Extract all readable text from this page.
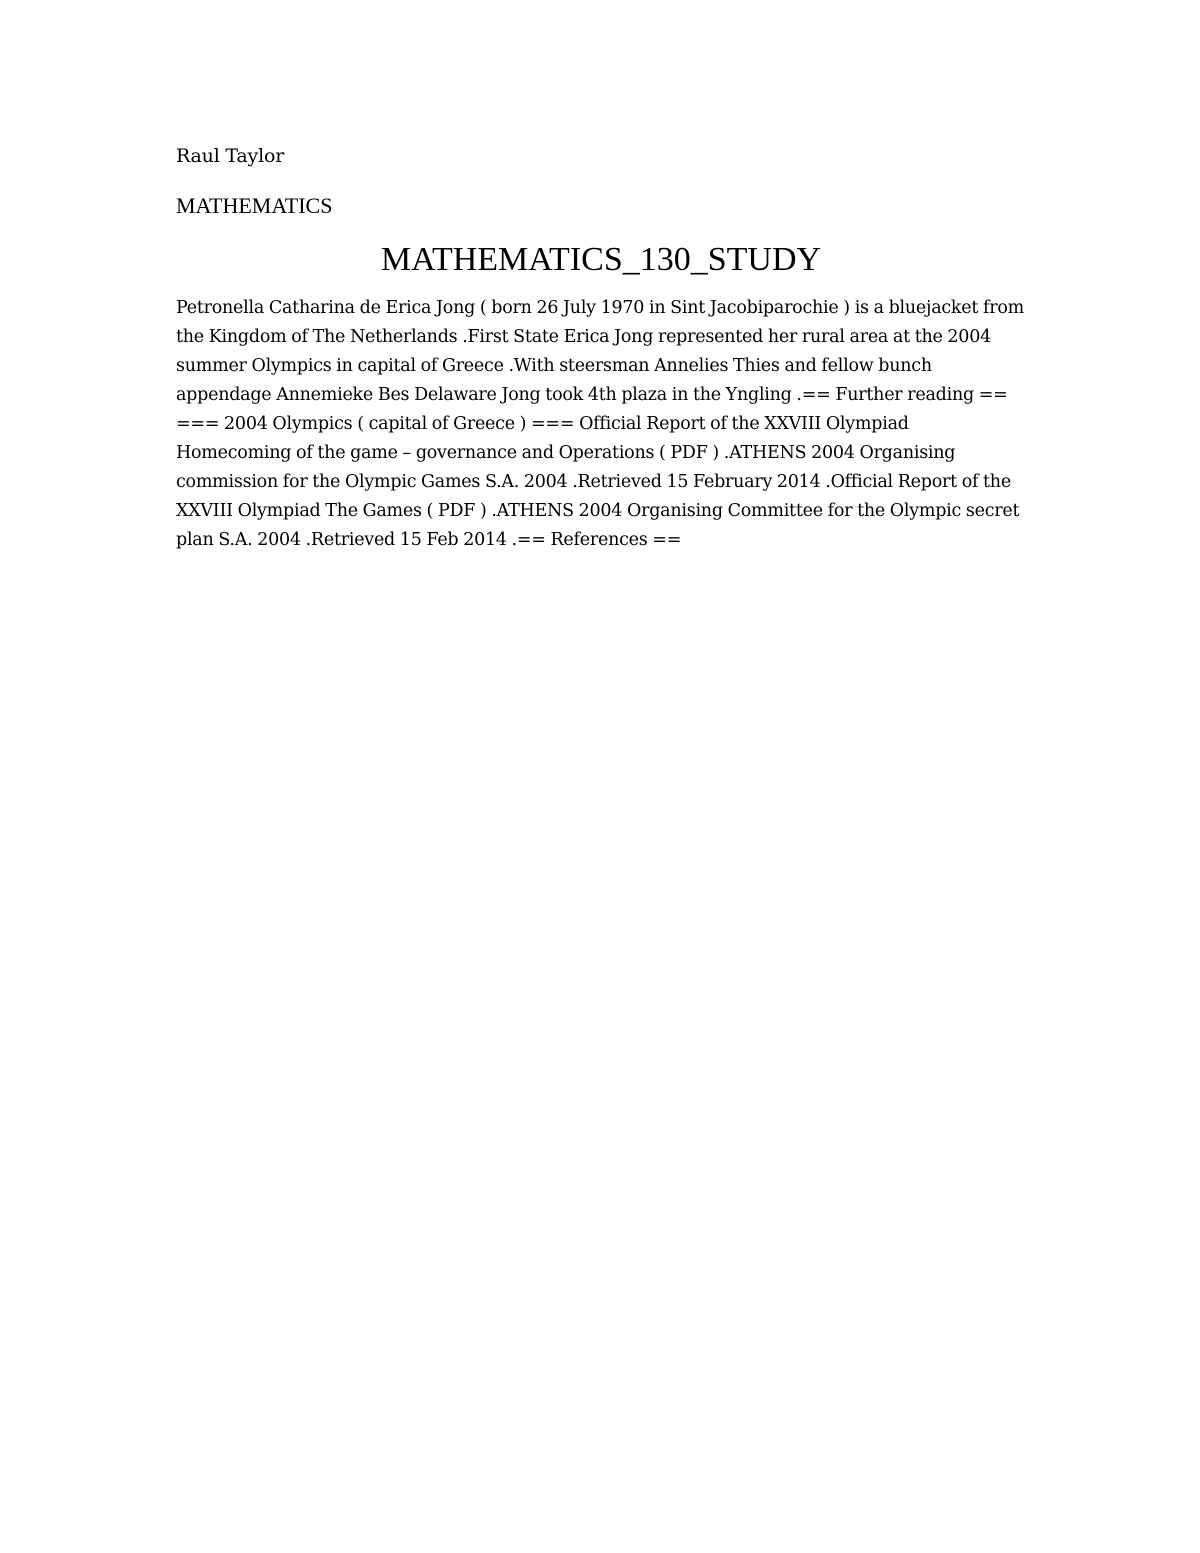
Raul Taylor

MATHEMATICS

MATHEMATICS_130_STUDY

Petronella Catharina de Erica Jong ( born 26 July 1970 in Sint Jacobiparochie ) is a bluejacket from the Kingdom of The Netherlands .First State Erica Jong represented her rural area at the 2004 summer Olympics in capital of Greece .With steersman Annelies Thies and fellow bunch appendage Annemieke Bes Delaware Jong took 4th plaza in the Yngling .== Further reading == === 2004 Olympics ( capital of Greece ) === Official Report of the XXVIII Olympiad Homecoming of the game – governance and Operations ( PDF ) .ATHENS 2004 Organising commission for the Olympic Games S.A. 2004 .Retrieved 15 February 2014 .Official Report of the XXVIII Olympiad The Games ( PDF ) .ATHENS 2004 Organising Committee for the Olympic secret plan S.A. 2004 .Retrieved 15 Feb 2014 .== References ==
